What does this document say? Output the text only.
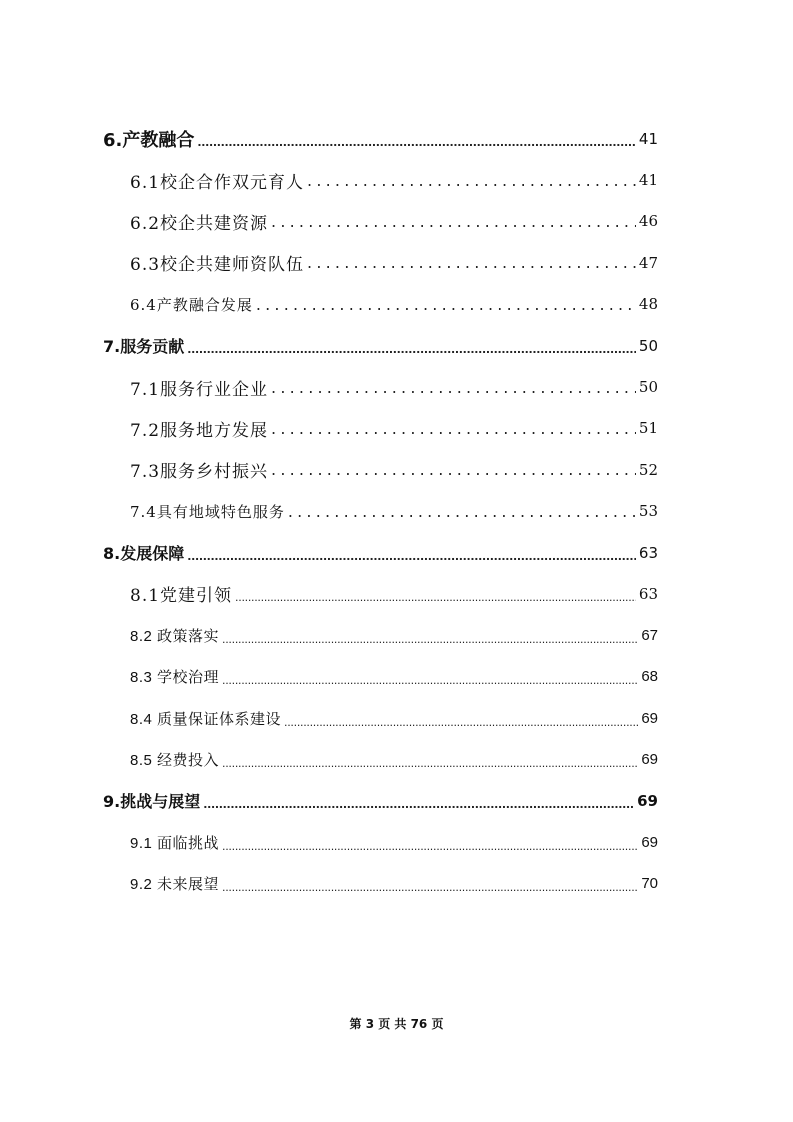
6.产教融合 .....	41
6.1校企合作双元育人 .....	41
6.2校企共建资源 .....	46
6.3校企共建师资队伍 .....	47
6.4产教融合发展 .....	48
7.服务贡献 .....	50
7.1服务行业企业 .....	50
7.2服务地方发展 .....	51
7.3服务乡村振兴 .....	52
7.4具有地域特色服务 .....	53
8.发展保障 .....	63
8.1党建引领 .....	63
8.2 政策落实 .....	67
8.3 学校治理 .....	68
8.4 质量保证体系建设 .....	69
8.5 经费投入 .....	69
9.挑战与展望 .....	69
9.1 面临挑战 .....	69
9.2 未来展望 .....	70
第 3 页 共 76 页
